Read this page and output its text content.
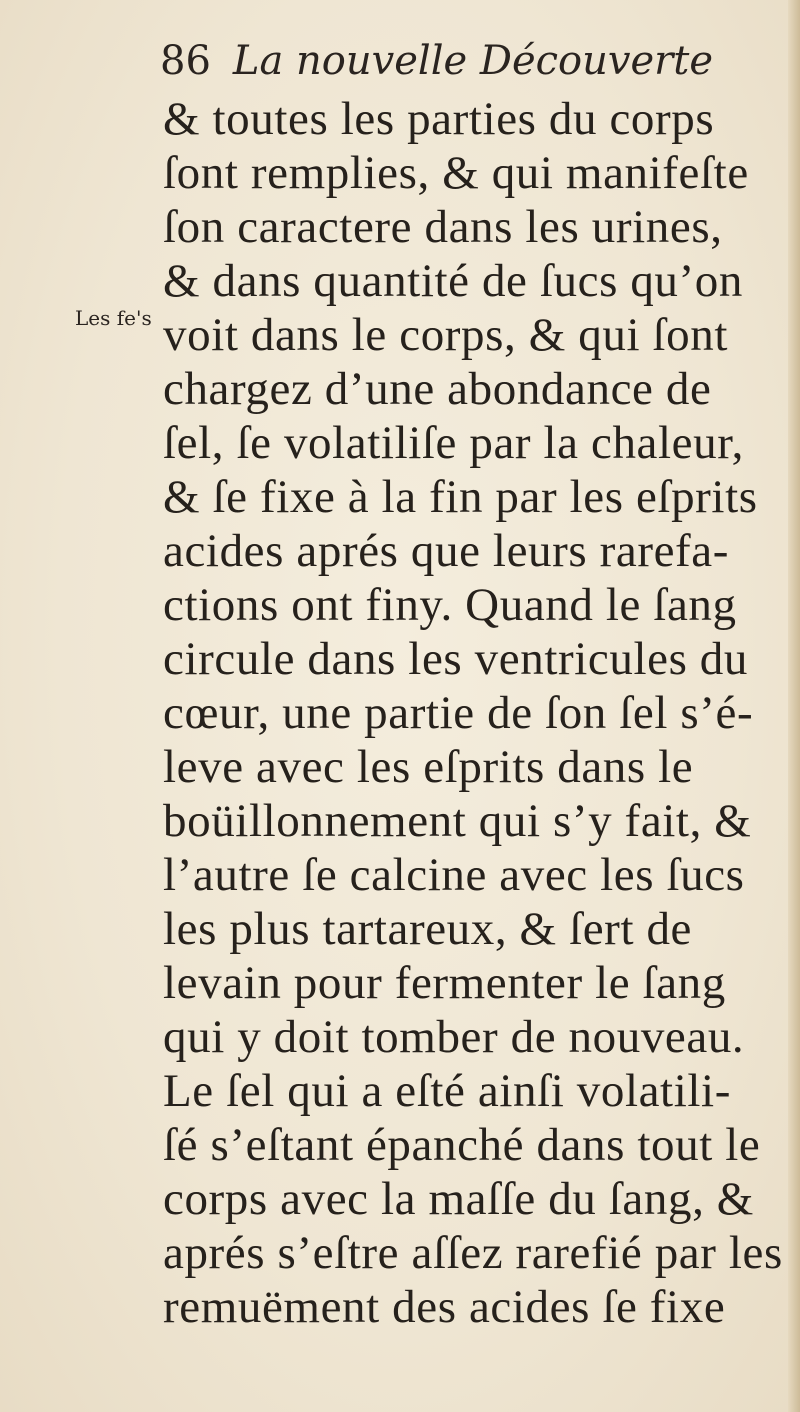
86 La nouvelle Découverte
Les fe's
& toutes les parties du corps
ſont remplies, & qui manifeſte
ſon caractere dans les urines,
& dans quantité de ſucs qu’on
voit dans le corps, & qui ſont
chargez d’une abondance de
ſel, ſe volatiliſe par la chaleur,
& ſe fixe à la fin par les eſprits
acides aprés que leurs rarefa-
ctions ont finy. Quand le ſang
circule dans les ventricules du
cœur, une partie de ſon ſel s’é-
leve avec les eſprits dans le
boüillonnement qui s’y fait, &
l’autre ſe calcine avec les ſucs
les plus tartareux, & ſert de
levain pour fermenter le ſang
qui y doit tomber de nouveau.
Le ſel qui a eſté ainſi volatili-
ſé s’eſtant épanché dans tout le
corps avec la maſſe du ſang, &
aprés s’eſtre aſſez rarefié par les
remuëment des acides ſe fixe
